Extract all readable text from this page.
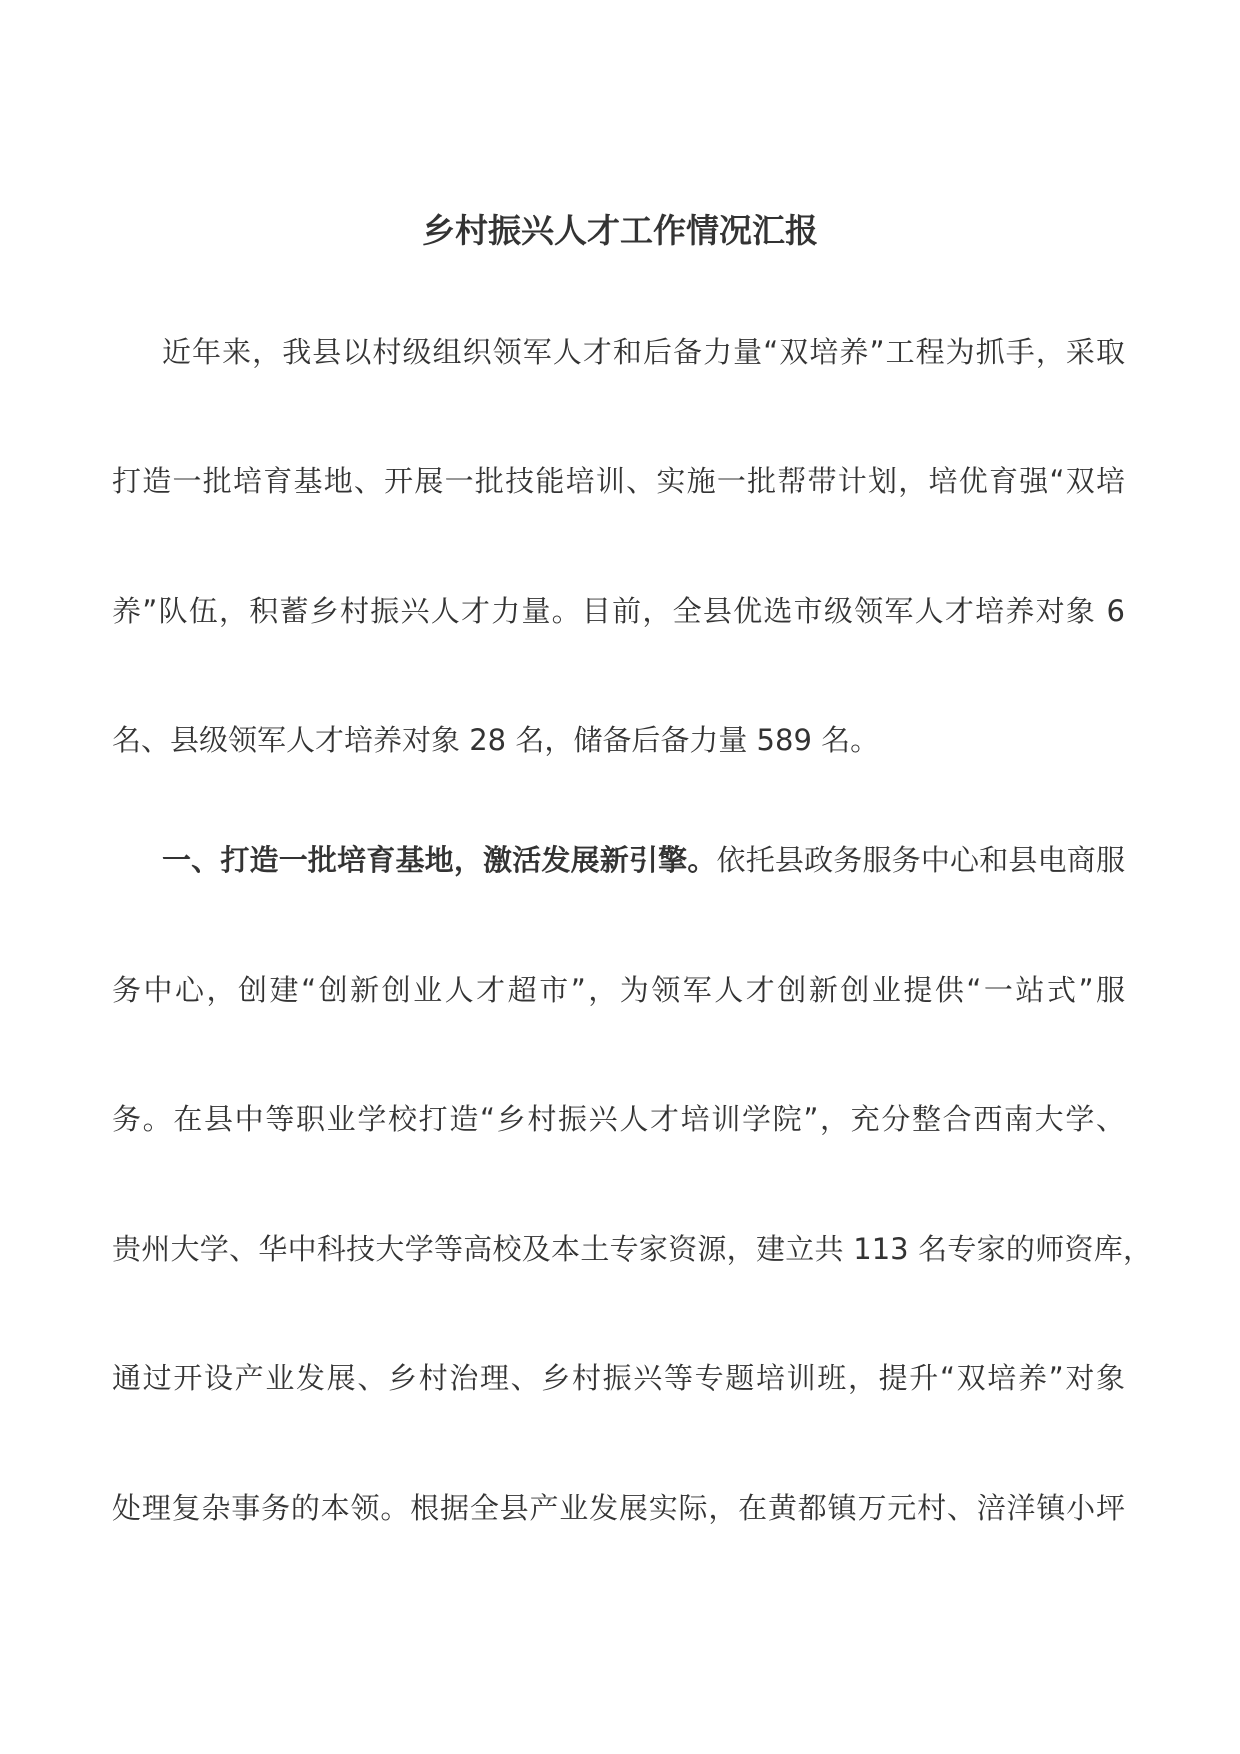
乡村振兴人才工作情况汇报
近年来，我县以村级组织领军人才和后备力量“双培养”工程为抓手，采取
打造一批培育基地、开展一批技能培训、实施一批帮带计划，培优育强“双培
养”队伍，积蓄乡村振兴人才力量。目前，全县优选市级领军人才培养对象 6
名、县级领军人才培养对象 28 名，储备后备力量 589 名。
一、打造一批培育基地，激活发展新引擎。依托县政务服务中心和县电商服
务中心，创建“创新创业人才超市”，为领军人才创新创业提供“一站式”服
务。在县中等职业学校打造“乡村振兴人才培训学院”，充分整合西南大学、
贵州大学、华中科技大学等高校及本土专家资源，建立共 113 名专家的师资库，
通过开设产业发展、乡村治理、乡村振兴等专题培训班，提升“双培养”对象
处理复杂事务的本领。根据全县产业发展实际，在黄都镇万元村、涪洋镇小坪
